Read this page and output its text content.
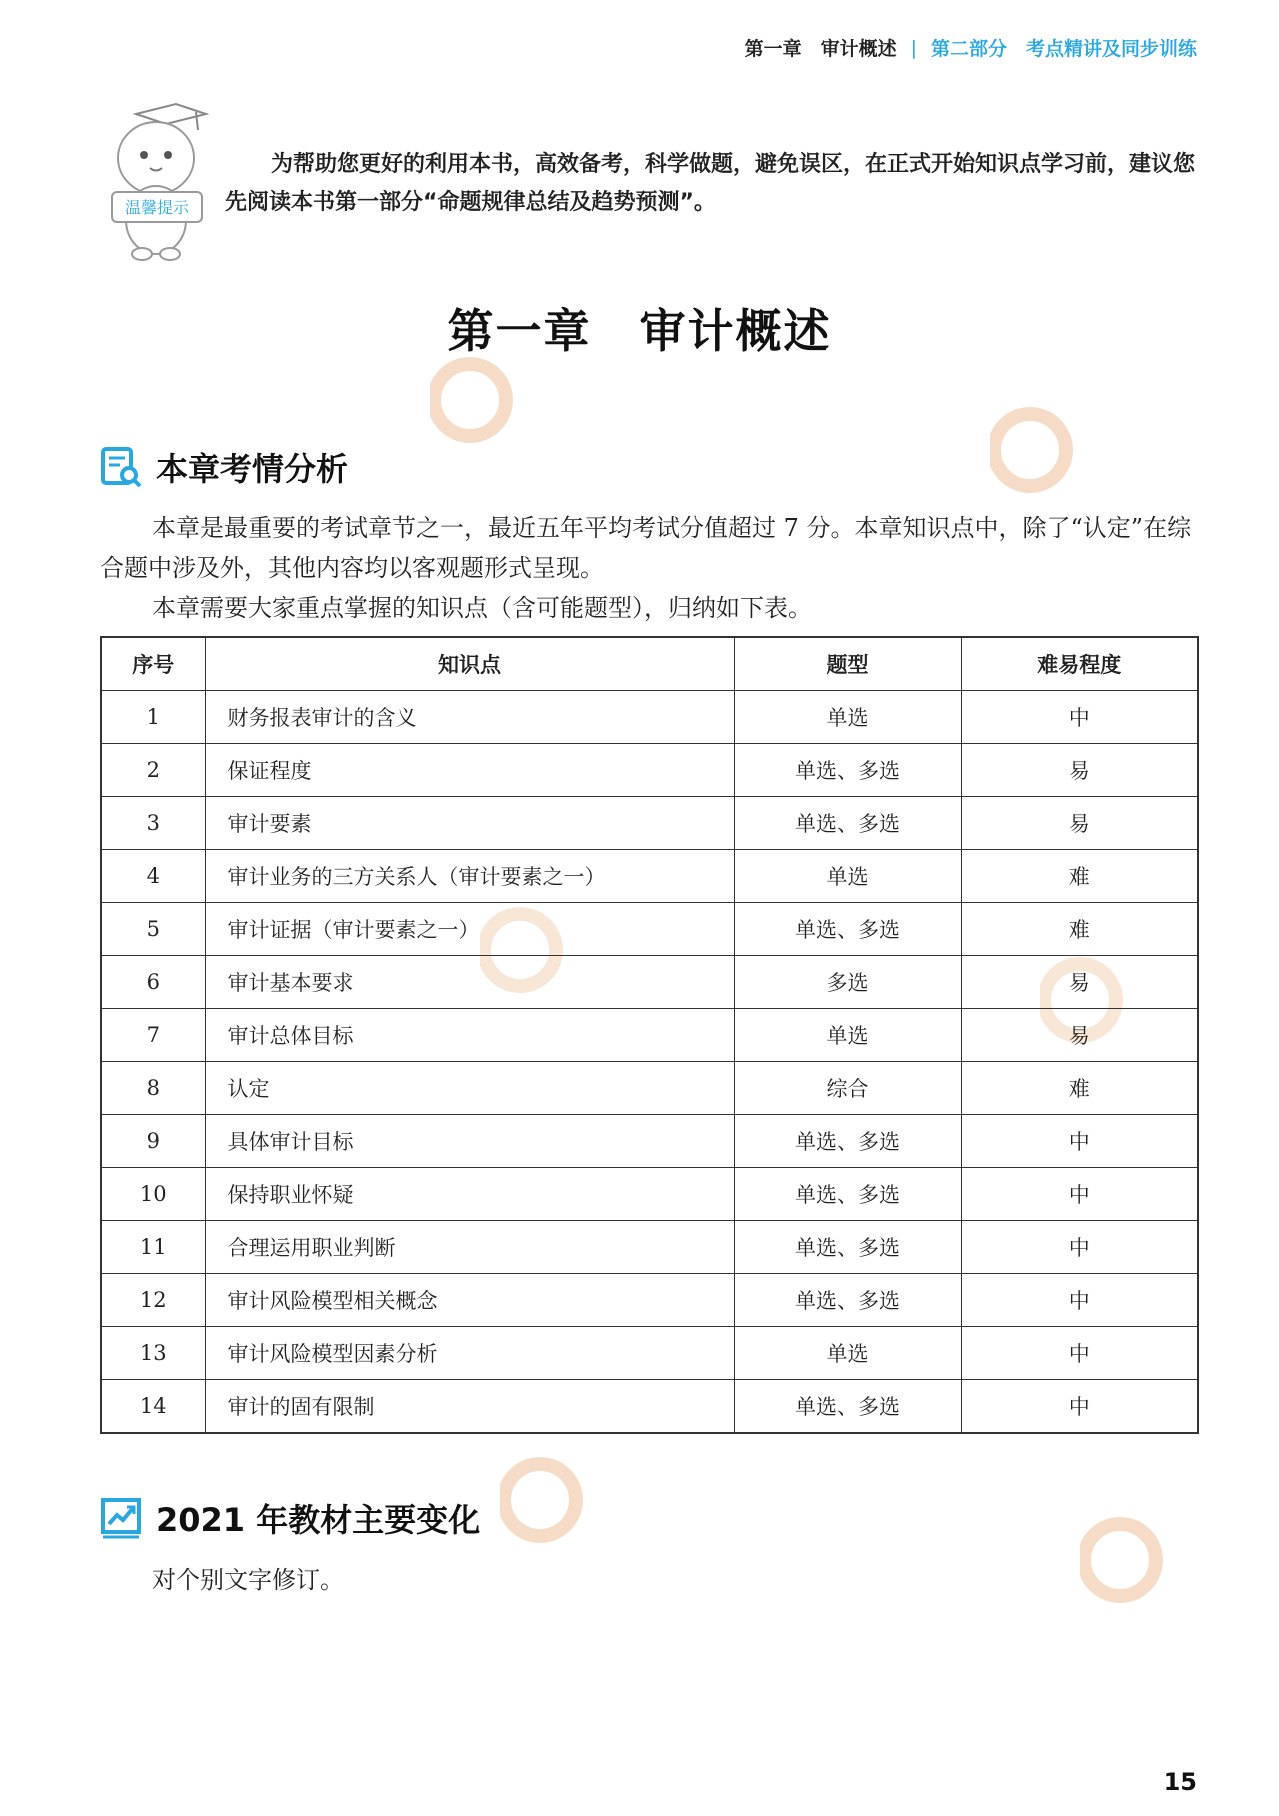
第一章　审计概述 | 第二部分　考点精讲及同步训练
温馨提示
为帮助您更好的利用本书，高效备考，科学做题，避免误区，在正式开始知识点学习前，建议您先阅读本书第一部分“命题规律总结及趋势预测”。
第一章　审计概述
本章考情分析
本章是最重要的考试章节之一，最近五年平均考试分值超过 7 分。本章知识点中，除了“认定”在综合题中涉及外，其他内容均以客观题形式呈现。
本章需要大家重点掌握的知识点（含可能题型），归纳如下表。
序号	知识点	题型	难易程度
1	财务报表审计的含义	单选	中
2	保证程度	单选、多选	易
3	审计要素	单选、多选	易
4	审计业务的三方关系人（审计要素之一）	单选	难
5	审计证据（审计要素之一）	单选、多选	难
6	审计基本要求	多选	易
7	审计总体目标	单选	易
8	认定	综合	难
9	具体审计目标	单选、多选	中
10	保持职业怀疑	单选、多选	中
11	合理运用职业判断	单选、多选	中
12	审计风险模型相关概念	单选、多选	中
13	审计风险模型因素分析	单选	中
14	审计的固有限制	单选、多选	中
2021 年教材主要变化
对个别文字修订。
15
